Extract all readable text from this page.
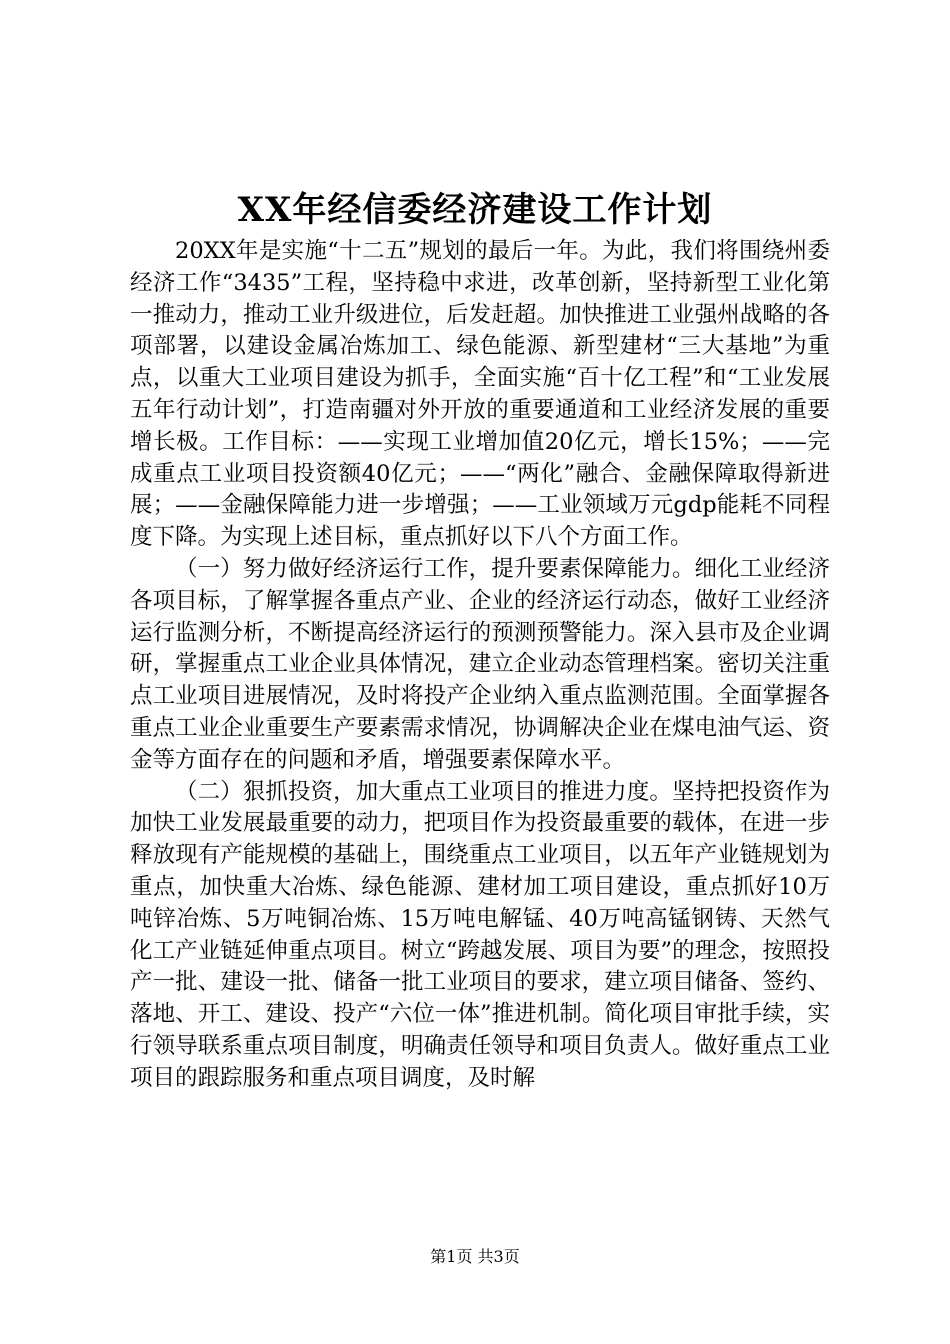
XX年经信委经济建设工作计划

20XX年是实施“十二五”规划的最后一年。为此，我们将围绕州委经济工作“3435”工程，坚持稳中求进，改革创新，坚持新型工业化第一推动力，推动工业升级进位，后发赶超。加快推进工业强州战略的各项部署，以建设金属冶炼加工、绿色能源、新型建材“三大基地”为重点，以重大工业项目建设为抓手，全面实施“百十亿工程”和“工业发展五年行动计划”，打造南疆对外开放的重要通道和工业经济发展的重要增长极。工作目标：——实现工业增加值20亿元，增长15%；——完成重点工业项目投资额40亿元；——“两化”融合、金融保障取得新进展；——金融保障能力进一步增强；——工业领域万元gdp能耗不同程度下降。为实现上述目标，重点抓好以下八个方面工作。

（一）努力做好经济运行工作，提升要素保障能力。细化工业经济各项目标，了解掌握各重点产业、企业的经济运行动态，做好工业经济运行监测分析，不断提高经济运行的预测预警能力。深入县市及企业调研，掌握重点工业企业具体情况，建立企业动态管理档案。密切关注重点工业项目进展情况，及时将投产企业纳入重点监测范围。全面掌握各重点工业企业重要生产要素需求情况，协调解决企业在煤电油气运、资金等方面存在的问题和矛盾，增强要素保障水平。

（二）狠抓投资，加大重点工业项目的推进力度。坚持把投资作为加快工业发展最重要的动力，把项目作为投资最重要的载体，在进一步释放现有产能规模的基础上，围绕重点工业项目，以五年产业链规划为重点，加快重大冶炼、绿色能源、建材加工项目建设，重点抓好10万吨锌冶炼、5万吨铜冶炼、15万吨电解锰、40万吨高锰钢铸、天然气化工产业链延伸重点项目。树立“跨越发展、项目为要”的理念，按照投产一批、建设一批、储备一批工业项目的要求，建立项目储备、签约、落地、开工、建设、投产“六位一体”推进机制。简化项目审批手续，实行领导联系重点项目制度，明确责任领导和项目负责人。做好重点工业项目的跟踪服务和重点项目调度，及时解

第1页 共3页
